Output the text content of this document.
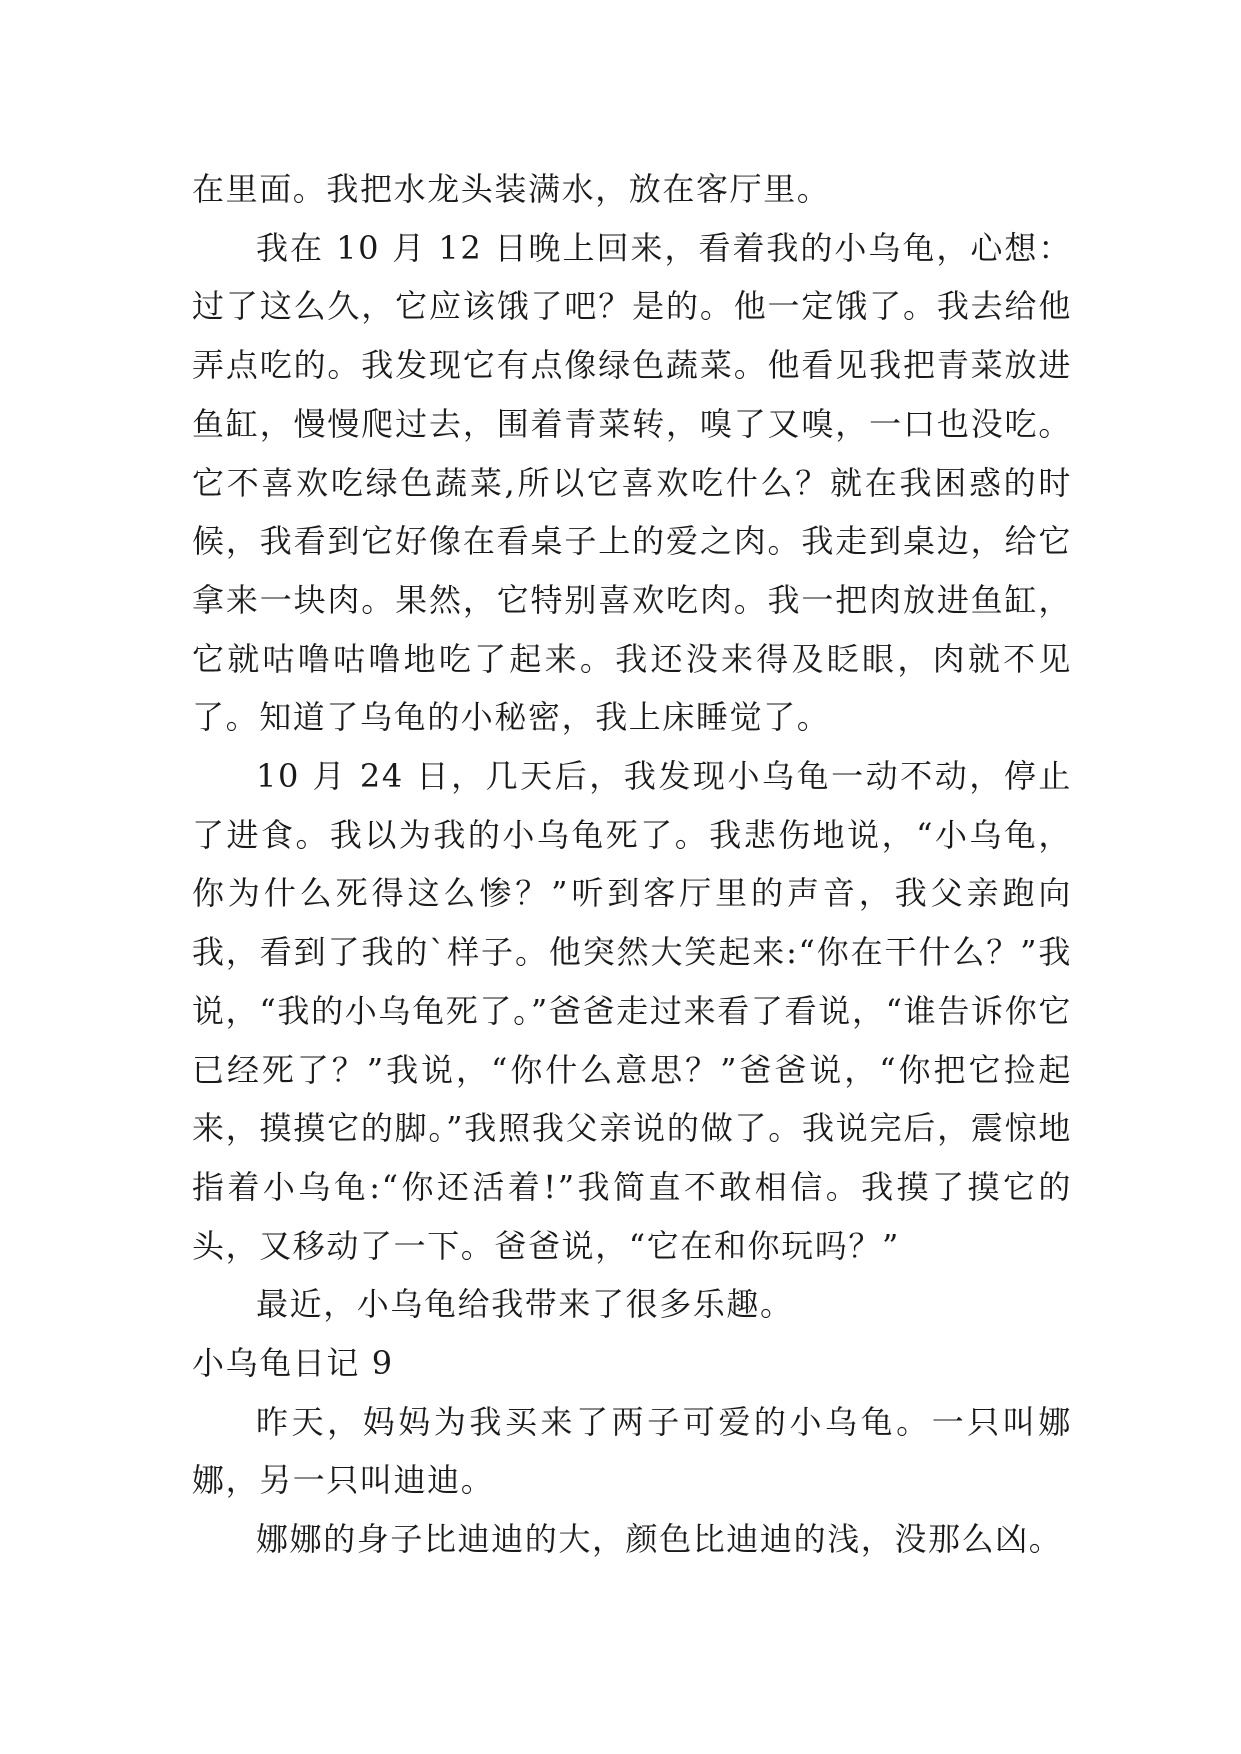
在里面。我把水龙头装满水，放在客厅里。

我在 10 月 12 日晚上回来，看着我的小乌龟，心想：过了这么久，它应该饿了吧？是的。他一定饿了。我去给他弄点吃的。我发现它有点像绿色蔬菜。他看见我把青菜放进鱼缸，慢慢爬过去，围着青菜转，嗅了又嗅，一口也没吃。它不喜欢吃绿色蔬菜,所以它喜欢吃什么？就在我困惑的时候，我看到它好像在看桌子上的爱之肉。我走到桌边，给它拿来一块肉。果然，它特别喜欢吃肉。我一把肉放进鱼缸，它就咕噜咕噜地吃了起来。我还没来得及眨眼，肉就不见了。知道了乌龟的小秘密，我上床睡觉了。

10 月 24 日，几天后，我发现小乌龟一动不动，停止了进食。我以为我的小乌龟死了。我悲伤地说，“小乌龟，你为什么死得这么惨？”听到客厅里的声音，我父亲跑向我，看到了我的`样子。他突然大笑起来:“你在干什么？”我说，“我的小乌龟死了。”爸爸走过来看了看说，“谁告诉你它已经死了？”我说，“你什么意思？”爸爸说，“你把它捡起来，摸摸它的脚。”我照我父亲说的做了。我说完后，震惊地指着小乌龟:“你还活着!”我简直不敢相信。我摸了摸它的头，又移动了一下。爸爸说，“它在和你玩吗？”

最近，小乌龟给我带来了很多乐趣。

小乌龟日记 9

昨天，妈妈为我买来了两子可爱的小乌龟。一只叫娜娜，另一只叫迪迪。

娜娜的身子比迪迪的大，颜色比迪迪的浅，没那么凶。
